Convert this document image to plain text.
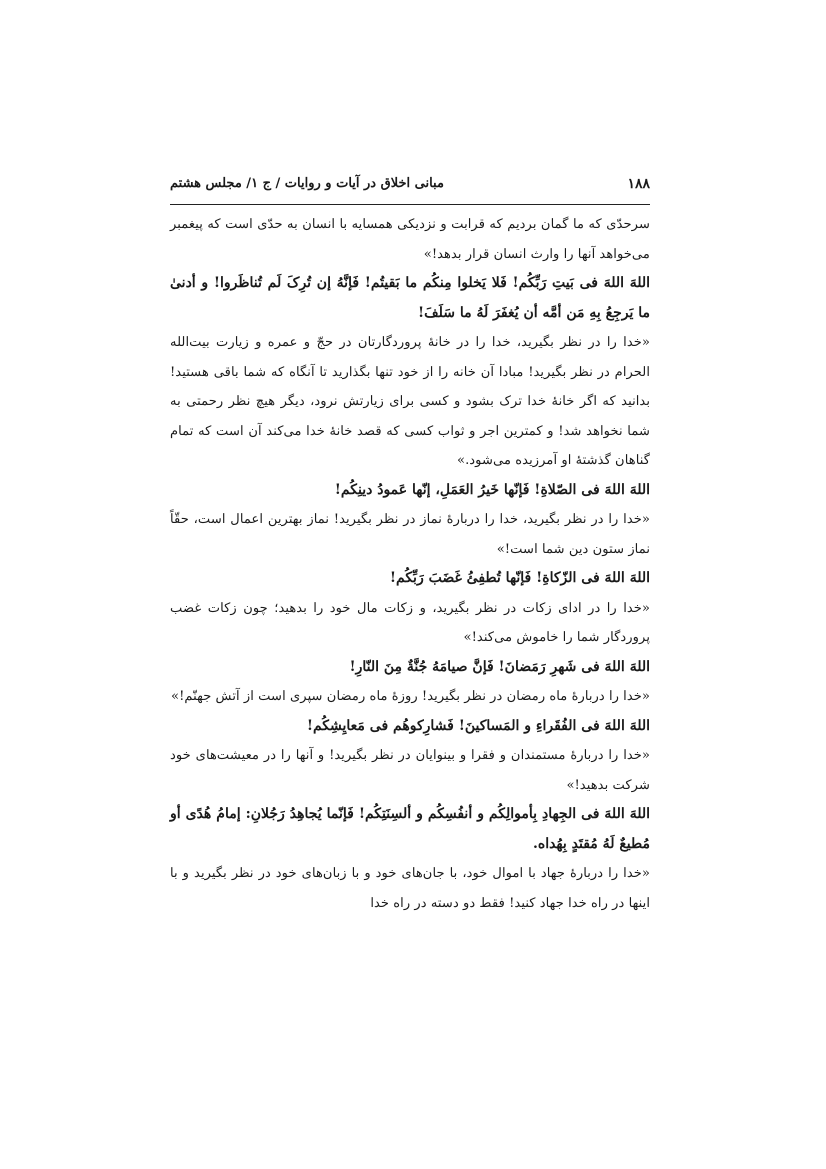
۱۸۸
مبانی اخلاق در آیات و روایات / ج ۱/ مجلس هشتم

سرحدّی که ما گمان بردیم که قرابت و نزدیکی همسایه با انسان به حدّی است که پیغمبر می‌خواهد آنها را وارث انسان قرار بدهد!»

اللهَ اللهَ فی بَیتِ رَبِّکُم! فَلا یَخلوا مِنکُم ما بَقیتُم! فَإنَّهُ إن تُرِکَ لَم تُناظَروا! و أدنیٰ ما یَرجِعُ بِهِ مَن أمَّه أن یُغفَرَ لَهُ ما سَلَفَ!

«خدا را در نظر بگیرید، خدا را در خانهٔ پروردگارتان در حجّ و عمره و زیارت بیت‌الله الحرام در نظر بگیرید! مبادا آن خانه را از خود تنها بگذارید تا آنگاه که شما باقی هستید! بدانید که اگر خانهٔ خدا ترک بشود و کسی برای زیارتش نرود، دیگر هیچ نظر رحمتی به شما نخواهد شد! و کمترین اجر و ثواب کسی که قصد خانهٔ خدا می‌کند آن است که تمام گناهان گذشتهٔ او آمرزیده می‌شود.»

اللهَ اللهَ فی الصّلاةِ! فَإنّها خَیرُ العَمَلِ، إنّها عَمودُ دینِکُم!

«خدا را در نظر بگیرید، خدا را دربارهٔ نماز در نظر بگیرید! نماز بهترین اعمال است، حقّاً نماز ستون دین شما است!»

اللهَ اللهَ فی الزّکاةِ! فَإنّها تُطفِئُ غَضَبَ رَبِّکُم!

«خدا را در ادای زکات در نظر بگیرید، و زکات مال خود را بدهید؛ چون زکات غضب پروردگار شما را خاموش می‌کند!»

اللهَ اللهَ فی شَهرِ رَمَضانَ! فَإنَّ صیامَهُ جُنَّةٌ مِنَ النّارِ!

«خدا را دربارهٔ ماه رمضان در نظر بگیرید! روزهٔ ماه رمضان سپری است از آتش جهنّم!»

اللهَ اللهَ فی الفُقَراءِ و المَساکینَ! فَشارِکوهُم فی مَعایِشِکُم!

«خدا را دربارهٔ مستمندان و فقرا و بینوایان در نظر بگیرید! و آنها را در معیشت‌های خود شرکت بدهید!»

اللهَ اللهَ فی الجِهادِ بِأموالِکُم و أنفُسِکُم و ألسِنَتِکُم! فَإنّما یُجاهِدُ رَجُلانِ: إمامُ هُدًی أو مُطیعٌ لَهُ مُقتَدٍ بِهُداه.

«خدا را دربارهٔ جهاد با اموال خود، با جان‌های خود و با زبان‌های خود در نظر بگیرید و با اینها در راه خدا جهاد کنید! فقط دو دسته در راه خدا
